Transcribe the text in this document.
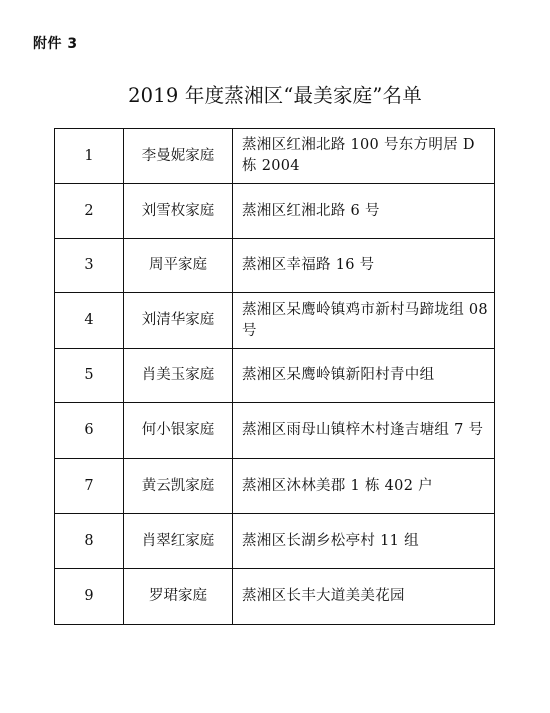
附件 3
2019 年度蒸湘区“最美家庭”名单
1	李曼妮家庭	蒸湘区红湘北路 100 号东方明居 D 栋 2004
2	刘雪枚家庭	蒸湘区红湘北路 6 号
3	周平家庭	蒸湘区幸福路 16 号
4	刘清华家庭	蒸湘区呆鹰岭镇鸡市新村马蹄垅组 08 号
5	肖美玉家庭	蒸湘区呆鹰岭镇新阳村青中组
6	何小银家庭	蒸湘区雨母山镇梓木村逢吉塘组 7 号
7	黄云凯家庭	蒸湘区沐林美郡 1 栋 402 户
8	肖翠红家庭	蒸湘区长湖乡松亭村 11 组
9	罗珺家庭	蒸湘区长丰大道美美花园
